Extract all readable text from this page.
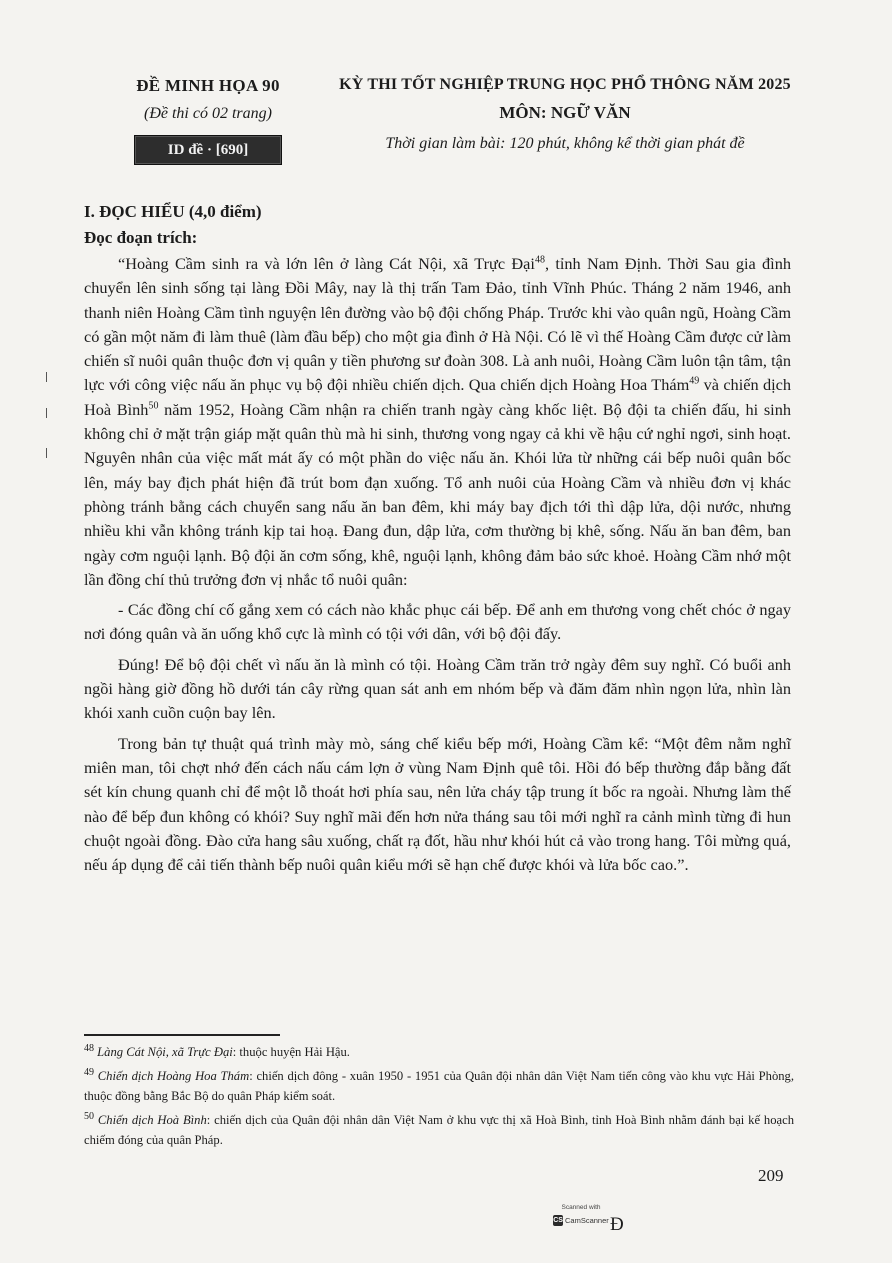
ĐỀ MINH HỌA 90
(Đề thi có 02 trang)
ID đề · [690]
KỲ THI TỐT NGHIỆP TRUNG HỌC PHỔ THÔNG NĂM 2025
MÔN: NGỮ VĂN
Thời gian làm bài: 120 phút, không kể thời gian phát đề
I. ĐỌC HIỂU (4,0 điểm)
Đọc đoạn trích:

“Hoàng Cầm sinh ra và lớn lên ở làng Cát Nội, xã Trực Đại$^{48}$, tỉnh Nam Định. Thời Sau gia đình chuyển lên sinh sống tại làng Đồi Mây, nay là thị trấn Tam Đảo, tỉnh Vĩnh Phúc. Tháng 2 năm 1946, anh thanh niên Hoàng Cầm tình nguyện lên đường vào bộ đội chống Pháp. Trước khi vào quân ngũ, Hoàng Cầm có gần một năm đi làm thuê (làm đầu bếp) cho một gia đình ở Hà Nội. Có lẽ vì thế Hoàng Cầm được cử làm chiến sĩ nuôi quân thuộc đơn vị quân y tiền phương sư đoàn 308. Là anh nuôi, Hoàng Cầm luôn tận tâm, tận lực với công việc nấu ăn phục vụ bộ đội nhiều chiến dịch. Qua chiến dịch Hoàng Hoa Thám$^{49}$ và chiến dịch Hoà Bình$^{50}$ năm 1952, Hoàng Cầm nhận ra chiến tranh ngày càng khốc liệt. Bộ đội ta chiến đấu, hi sinh không chỉ ở mặt trận giáp mặt quân thù mà hi sinh, thương vong ngay cả khi về hậu cứ nghỉ ngơi, sinh hoạt. Nguyên nhân của việc mất mát ấy có một phần do việc nấu ăn. Khói lửa từ những cái bếp nuôi quân bốc lên, máy bay địch phát hiện đã trút bom đạn xuống. Tổ anh nuôi của Hoàng Cầm và nhiều đơn vị khác phòng tránh bằng cách chuyển sang nấu ăn ban đêm, khi máy bay địch tới thì dập lửa, dội nước, nhưng nhiều khi vẫn không tránh kịp tai hoạ. Đang đun, dập lửa, cơm thường bị khê, sống. Nấu ăn ban đêm, ban ngày cơm nguội lạnh. Bộ đội ăn cơm sống, khê, nguội lạnh, không đảm bảo sức khoẻ. Hoàng Cầm nhớ một lần đồng chí thủ trưởng đơn vị nhắc tổ nuôi quân:

- Các đồng chí cố gắng xem có cách nào khắc phục cái bếp. Để anh em thương vong chết chóc ở ngay nơi đóng quân và ăn uống khổ cực là mình có tội với dân, với bộ đội đấy.

Đúng! Để bộ đội chết vì nấu ăn là mình có tội. Hoàng Cầm trăn trở ngày đêm suy nghĩ. Có buổi anh ngồi hàng giờ đồng hồ dưới tán cây rừng quan sát anh em nhóm bếp và đăm đăm nhìn ngọn lửa, nhìn làn khói xanh cuồn cuộn bay lên.

Trong bản tự thuật quá trình mày mò, sáng chế kiểu bếp mới, Hoàng Cầm kể: “Một đêm nằm nghĩ miên man, tôi chợt nhớ đến cách nấu cám lợn ở vùng Nam Định quê tôi. Hồi đó bếp thường đắp bằng đất sét kín chung quanh chỉ để một lỗ thoát hơi phía sau, nên lửa cháy tập trung ít bốc ra ngoài. Nhưng làm thế nào để bếp đun không có khói? Suy nghĩ mãi đến hơn nửa tháng sau tôi mới nghĩ ra cảnh mình từng đi hun chuột ngoài đồng. Đào cửa hang sâu xuống, chất rạ đốt, hầu như khói hút cả vào trong hang. Tôi mừng quá, nếu áp dụng để cải tiến thành bếp nuôi quân kiểu mới sẽ hạn chế được khói và lửa bốc cao.”.

$^{48}$ Làng Cát Nội, xã Trực Đại: thuộc huyện Hải Hậu.
$^{49}$ Chiến dịch Hoàng Hoa Thám: chiến dịch đông - xuân 1950 - 1951 của Quân đội nhân dân Việt Nam tiến công vào khu vực Hải Phòng, thuộc đồng bằng Bắc Bộ do quân Pháp kiểm soát.
$^{50}$ Chiến dịch Hoà Bình: chiến dịch của Quân đội nhân dân Việt Nam ở khu vực thị xã Hoà Bình, tỉnh Hoà Bình nhằm đánh bại kế hoạch chiếm đóng của quân Pháp.
209
Scanned with
CS CamScanner Đ
